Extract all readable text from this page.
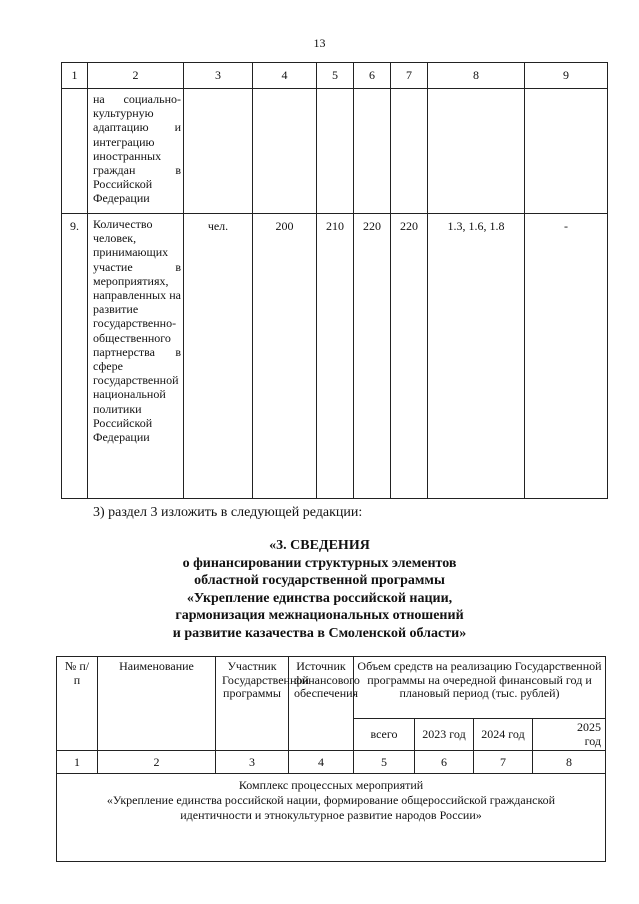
13
1	2	3	4	5	6	7	8	9

	на социально-культурную адаптацию и интеграцию иностранных граждан в Российской Федерации							

9.	Количество человек, принимающих участие в мероприятиях, направленных на развитие государственно-общественного партнерства в сфере государственной национальной политики Российской Федерации	чел.	200	210	220	220	1.3, 1.6, 1.8	-
3) раздел 3 изложить в следующей редакции:
«3. СВЕДЕНИЯ
о финансировании структурных элементов
областной государственной программы
«Укрепление единства российской нации,
гармонизация межнациональных отношений
и развитие казачества в Смоленской области»
№ п/п	Наименование	Участник Государственной программы	Источник финансового обеспечения	Объем средств на реализацию Государственной программы на очередной финансовый год и плановый период (тыс. рублей)			
				всего	2023 год	2024 год	2025 год

1	2	3	4	5	6	7	8

Комплекс процессных мероприятий
«Укрепление единства российской нации, формирование общероссийской гражданской идентичности и этнокультурное развитие народов России»							
